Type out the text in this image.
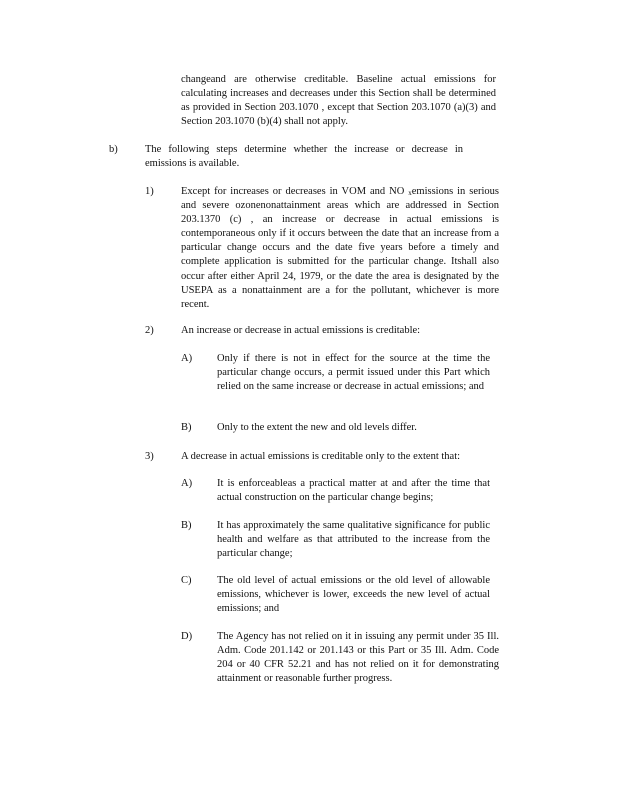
changeand are otherwise creditable. Baseline actual emissions for calculating increases and decreases under this Section shall be determined as provided in Section 203.1070 , except that Section 203.1070 (a)(3) and Section 203.1070 (b)(4) shall not apply.
b)	The following steps determine whether the increase or decrease in emissions is available.
1)	Except for increases or decreases in VOM and NO $_x$emissions in serious and severe ozonenonattainment areas which are addressed in Section 203.1370 (c) , an increase or decrease in actual emissions is contemporaneous only if it occurs between the date that an increase from a particular change occurs and the date five years before a timely and complete application is submitted for the particular change. Itshall also occur after either April 24, 1979, or the date the area is designated by the USEPA as a nonattainment are a for the pollutant, whichever is more recent.
2)	An increase or decrease in actual emissions is creditable:
A) Only if there is not in effect for the source at the time the particular change occurs, a permit issued under this Part which relied on the same increase or decrease in actual emissions; and
B) Only to the extent the new and old levels differ.
3)	A decrease in actual emissions is creditable only to the extent that:
A) It is enforceableas a practical matter at and after the time that actual construction on the particular change begins;
B) It has approximately the same qualitative significance for public health and welfare as that attributed to the increase from the particular change;
C) The old level of actual emissions or the old level of allowable emissions, whichever is lower, exceeds the new level of actual emissions; and
D) The Agency has not relied on it in issuing any permit under 35 Ill. Adm. Code 201.142 or 201.143 or this Part or 35 Ill. Adm. Code 204 or 40 CFR 52.21 and has not relied on it for demonstrating attainment or reasonable further progress.
